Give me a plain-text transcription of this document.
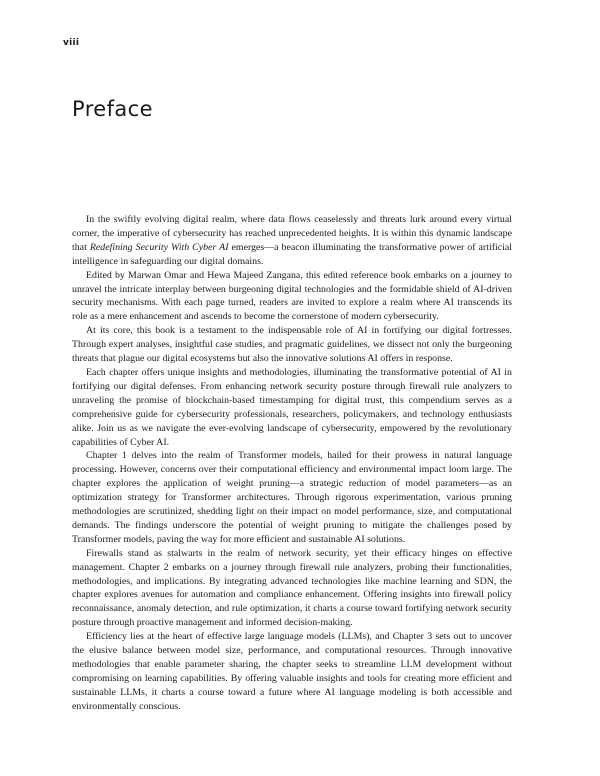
viii
Preface

In the swiftly evolving digital realm, where data flows ceaselessly and threats lurk around every virtual corner, the imperative of cybersecurity has reached unprecedented heights. It is within this dynamic landscape that Redefining Security With Cyber AI emerges—a beacon illuminating the transformative power of artificial intelligence in safeguarding our digital domains.

Edited by Marwan Omar and Hewa Majeed Zangana, this edited reference book embarks on a journey to unravel the intricate interplay between burgeoning digital technologies and the formidable shield of AI-driven security mechanisms. With each page turned, readers are invited to explore a realm where AI transcends its role as a mere enhancement and ascends to become the cornerstone of modern cybersecurity.

At its core, this book is a testament to the indispensable role of AI in fortifying our digital fortresses. Through expert analyses, insightful case studies, and pragmatic guidelines, we dissect not only the burgeoning threats that plague our digital ecosystems but also the innovative solutions AI offers in response.

Each chapter offers unique insights and methodologies, illuminating the transformative potential of AI in fortifying our digital defenses. From enhancing network security posture through firewall rule analyzers to unraveling the promise of blockchain-based timestamping for digital trust, this compendium serves as a comprehensive guide for cybersecurity professionals, researchers, policymakers, and technology enthusiasts alike. Join us as we navigate the ever-evolving landscape of cybersecurity, empowered by the revolutionary capabilities of Cyber AI.

Chapter 1 delves into the realm of Transformer models, hailed for their prowess in natural language processing. However, concerns over their computational efficiency and environmental impact loom large. The chapter explores the application of weight pruning—a strategic reduction of model parameters—as an optimization strategy for Transformer architectures. Through rigorous experimentation, various pruning methodologies are scrutinized, shedding light on their impact on model performance, size, and computational demands. The findings underscore the potential of weight pruning to mitigate the challenges posed by Transformer models, paving the way for more efficient and sustainable AI solutions.

Firewalls stand as stalwarts in the realm of network security, yet their efficacy hinges on effective management. Chapter 2 embarks on a journey through firewall rule analyzers, probing their functionalities, methodologies, and implications. By integrating advanced technologies like machine learning and SDN, the chapter explores avenues for automation and compliance enhancement. Offering insights into firewall policy reconnaissance, anomaly detection, and rule optimization, it charts a course toward fortifying network security posture through proactive management and informed decision-making.

Efficiency lies at the heart of effective large language models (LLMs), and Chapter 3 sets out to uncover the elusive balance between model size, performance, and computational resources. Through innovative methodologies that enable parameter sharing, the chapter seeks to streamline LLM development without compromising on learning capabilities. By offering valuable insights and tools for creating more efficient and sustainable LLMs, it charts a course toward a future where AI language modeling is both accessible and environmentally conscious.
